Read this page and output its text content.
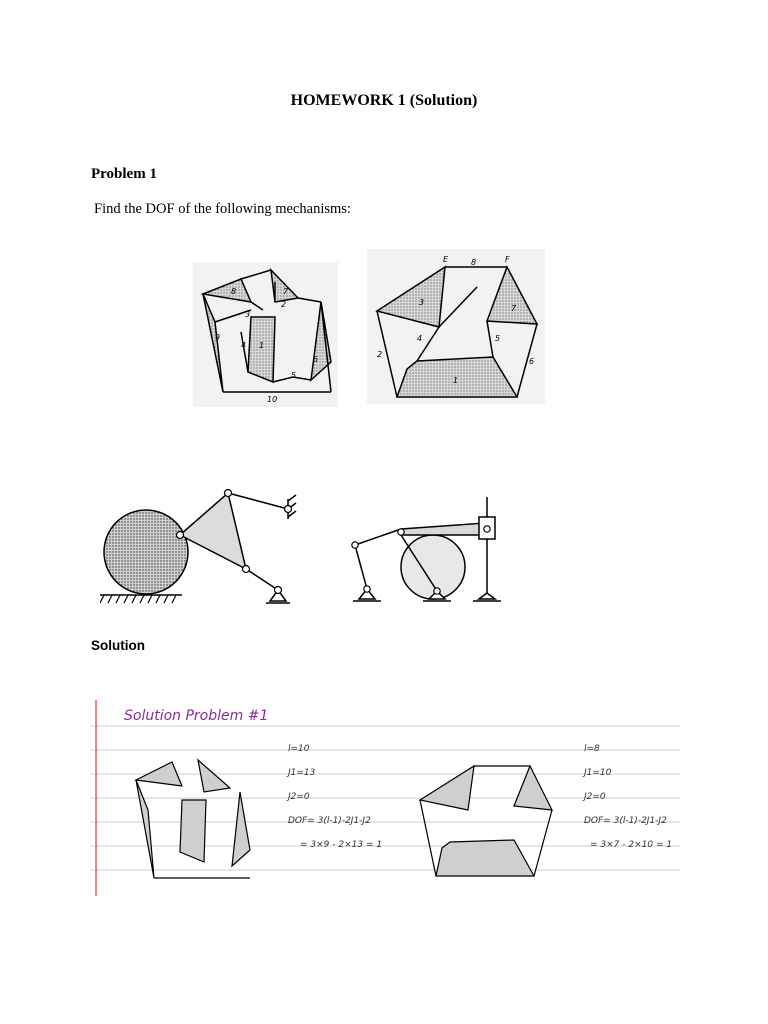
HOMEWORK 1 (Solution)
Problem 1
Find the DOF of the following mechanisms:
8	7
2
3
9
4 1
5
6
10
E	F
8
3
7
4	5
2
6
1
Solution
Solution Problem #1
l=10
J1=13
J2=0
DOF= 3(l-1)-2J1-J2
= 3×9 - 2×13 = 1
l=8
J1=10
J2=0
DOF= 3(l-1)-2J1-J2
= 3×7 - 2×10 = 1
